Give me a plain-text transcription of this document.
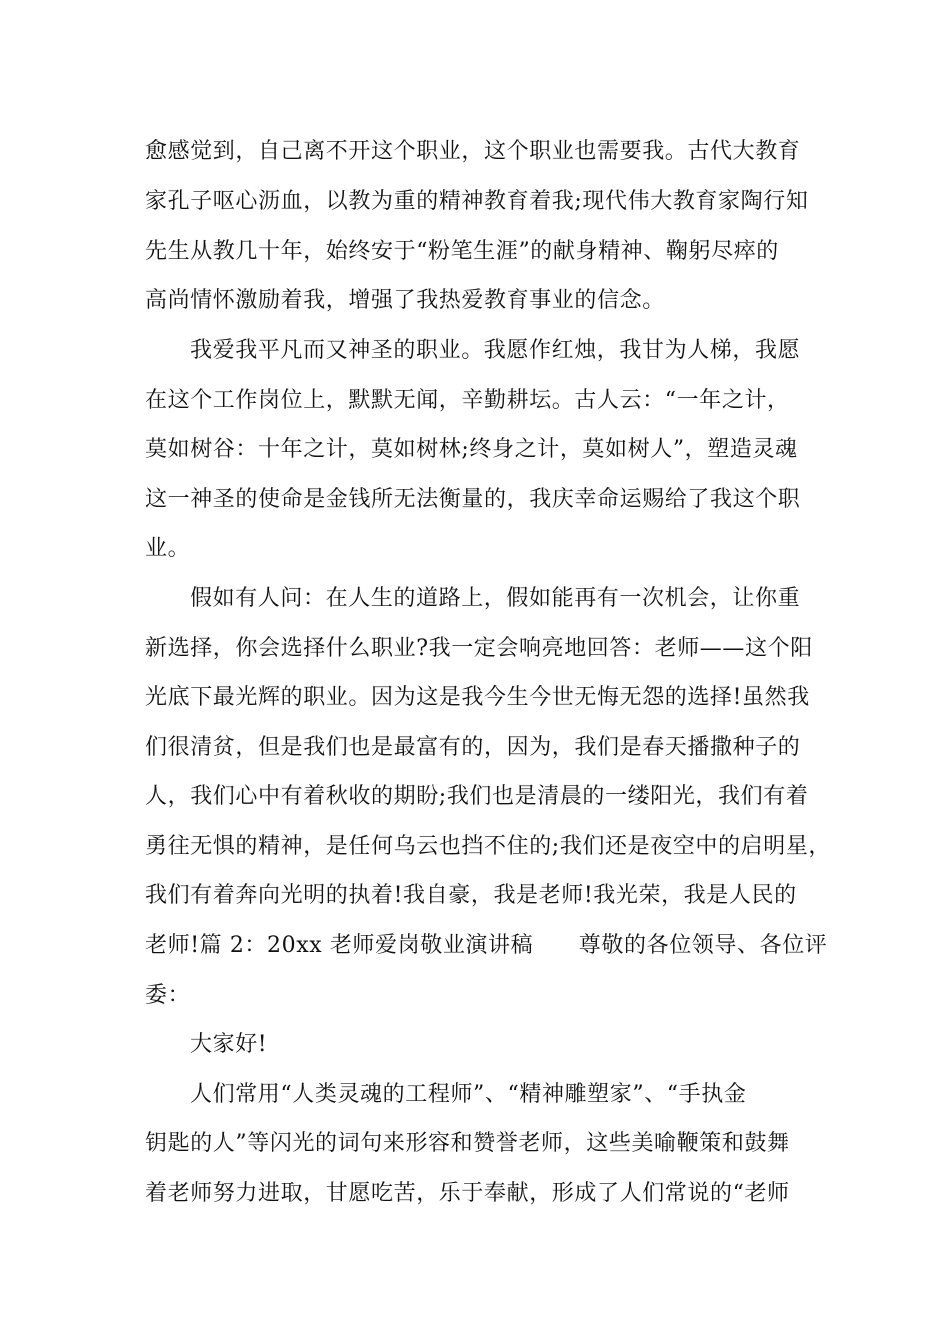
愈感觉到，自己离不开这个职业，这个职业也需要我。古代大教育
家孔子呕心沥血，以教为重的精神教育着我;现代伟大教育家陶行知
先生从教几十年，始终安于“粉笔生涯”的献身精神、鞠躬尽瘁的
高尚情怀激励着我，增强了我热爱教育事业的信念。
我爱我平凡而又神圣的职业。我愿作红烛，我甘为人梯，我愿
在这个工作岗位上，默默无闻，辛勤耕坛。古人云：“一年之计，
莫如树谷：十年之计，莫如树林;终身之计，莫如树人”，塑造灵魂
这一神圣的使命是金钱所无法衡量的，我庆幸命运赐给了我这个职
业。
假如有人问：在人生的道路上，假如能再有一次机会，让你重
新选择，你会选择什么职业?我一定会响亮地回答：老师——这个阳
光底下最光辉的职业。因为这是我今生今世无悔无怨的选择!虽然我
们很清贫，但是我们也是最富有的，因为，我们是春天播撒种子的
人，我们心中有着秋收的期盼;我们也是清晨的一缕阳光，我们有着
勇往无惧的精神，是任何乌云也挡不住的;我们还是夜空中的启明星，
我们有着奔向光明的执着!我自豪，我是老师!我光荣，我是人民的
老师!篇 2：20xx 老师爱岗敬业演讲稿      尊敬的各位领导、各位评
委：
大家好!
人们常用“人类灵魂的工程师”、“精神雕塑家”、“手执金
钥匙的人”等闪光的词句来形容和赞誉老师，这些美喻鞭策和鼓舞
着老师努力进取，甘愿吃苦，乐于奉献，形成了人们常说的“老师
